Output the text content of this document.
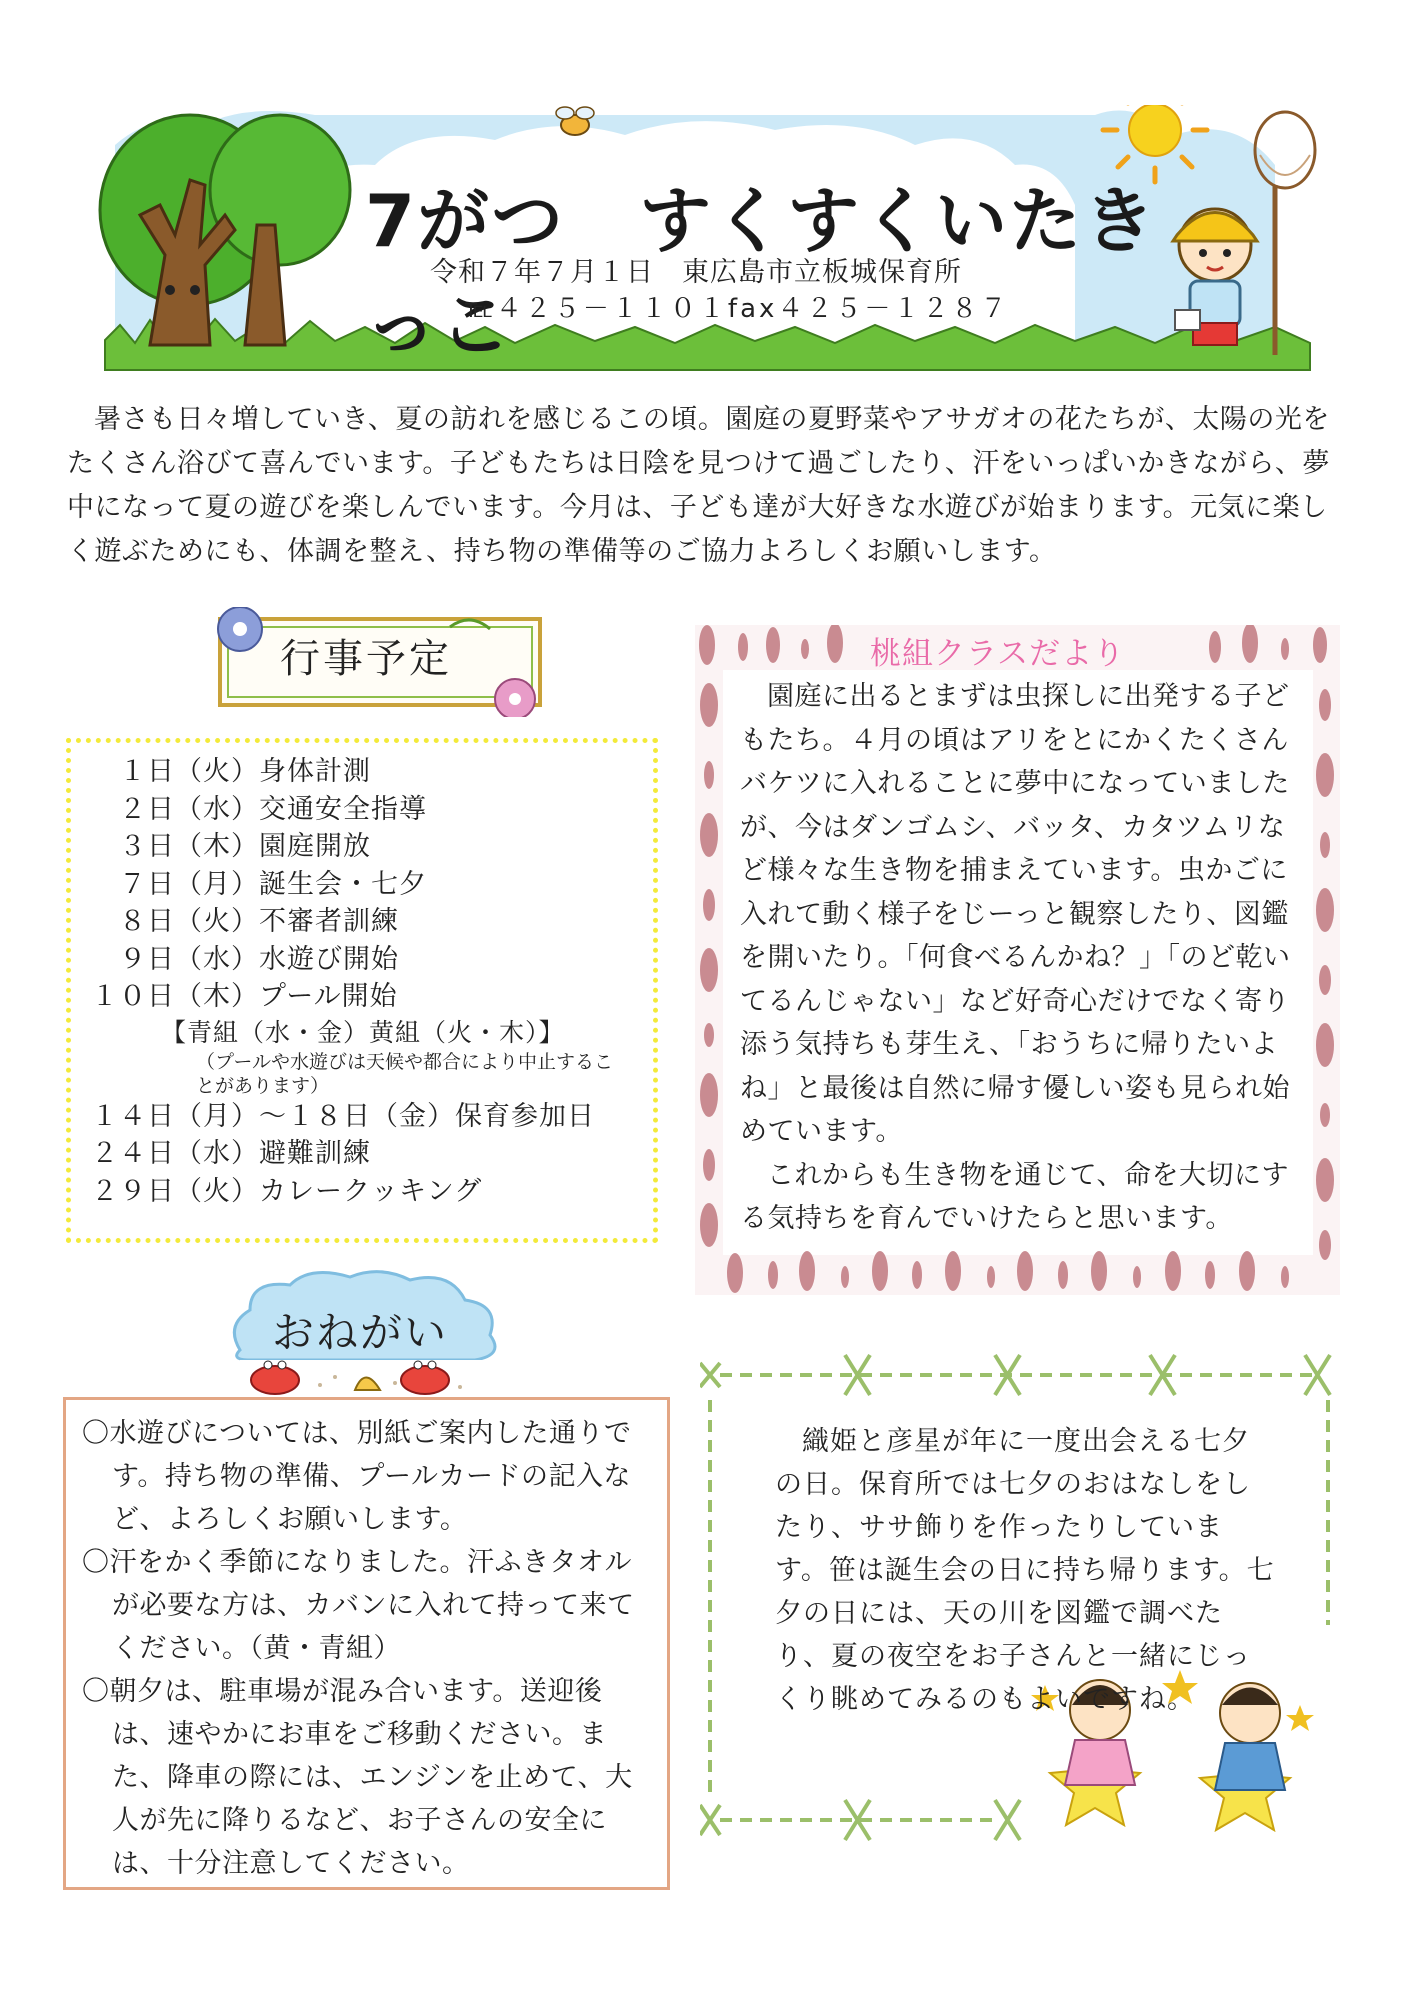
7がつ　すくすくいたきっこ
令和７年７月１日　東広島市立板城保育所
℡４２５－１１０１fax４２５－１２８７

暑さも日々増していき、夏の訪れを感じるこの頃。園庭の夏野菜やアサガオの花たちが、太陽の光をたくさん浴びて喜んでいます。子どもたちは日陰を見つけて過ごしたり、汗をいっぱいかきながら、夢中になって夏の遊びを楽しんでいます。今月は、子ども達が大好きな水遊びが始まります。元気に楽しく遊ぶためにも、体調を整え、持ち物の準備等のご協力よろしくお願いします。

行事予定
　１日（火）身体計測
　２日（水）交通安全指導
　３日（木）園庭開放
　７日（月）誕生会・七夕
　８日（火）不審者訓練
　９日（水）水遊び開始
１０日（木）プール開始
【青組（水・金）黄組（火・木）】
（プールや水遊びは天候や都合により中止することがあります）
１４日（月）～１８日（金）保育参加日
２４日（水）避難訓練
２９日（火）カレークッキング
桃組クラスだより

園庭に出るとまずは虫探しに出発する子どもたち。４月の頃はアリをとにかくたくさんバケツに入れることに夢中になっていましたが、今はダンゴムシ、バッタ、カタツムリなど様々な生き物を捕まえています。虫かごに入れて動く様子をじーっと観察したり、図鑑を開いたり。「何食べるんかね？」「のど乾いてるんじゃない」など好奇心だけでなく寄り添う気持ちも芽生え、「おうちに帰りたいよね」と最後は自然に帰す優しい姿も見られ始めています。

これからも生き物を通じて、命を大切にする気持ちを育んでいけたらと思います。

おねがい

〇水遊びについては、別紙ご案内した通りです。持ち物の準備、プールカードの記入など、よろしくお願いします。

〇汗をかく季節になりました。汗ふきタオルが必要な方は、カバンに入れて持って来てください。（黄・青組）

〇朝夕は、駐車場が混み合います。送迎後は、速やかにお車をご移動ください。また、降車の際には、エンジンを止めて、大人が先に降りるなど、お子さんの安全には、十分注意してください。

織姫と彦星が年に一度出会える七夕の日。保育所では七夕のおはなしをしたり、ササ飾りを作ったりしています。笹は誕生会の日に持ち帰ります。七夕の日には、天の川を図鑑で調べたり、夏の夜空をお子さんと一緒にじっくり眺めてみるのもよいですね。
